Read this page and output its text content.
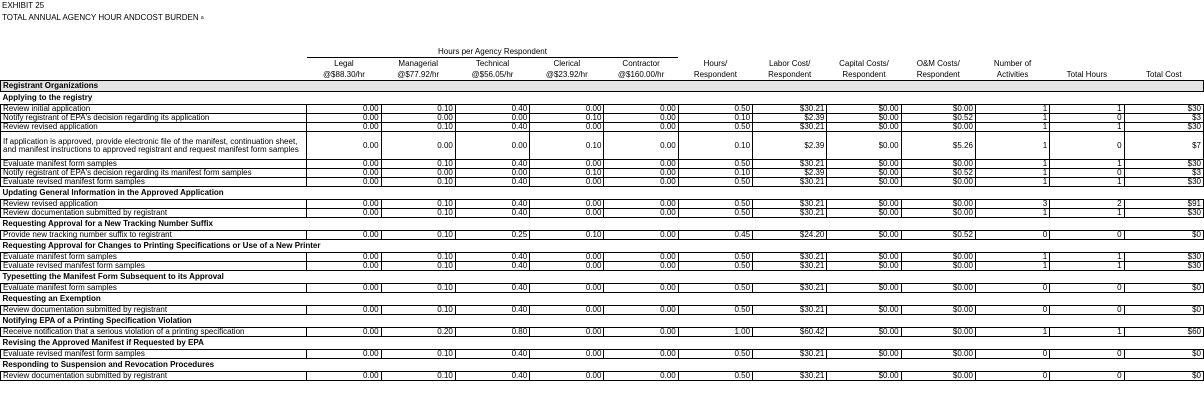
EXHIBIT 25
TOTAL ANNUAL AGENCY HOUR ANDCOST BURDEN $^a$
	Hours per Agency Respondent											
	Legal	Managerial	Technical	Clerical	Contractor	Hours/	Labor Cost/	Capital Costs/	O&M Costs/	Number of		
	@$88.30/hr	@$77.92/hr	@$56.05/hr	@$23.92/hr	@$160.00/hr	Respondent	Respondent	Respondent	Respondent	Activities	Total Hours	Total Cost
Registrant Organizations												
Applying to the registry												
Review initial application	0.00	0.10	0.40	0.00	0.00	0.50	$30.21	$0.00	$0.00	1	1	$30
Notify registrant of EPA's decision regarding its application	0.00	0.00	0.00	0.10	0.00	0.10	$2.39	$0.00	$0.52	1	0	$3
Review revised application	0.00	0.10	0.40	0.00	0.00	0.50	$30.21	$0.00	$0.00	1	1	$30
If application is approved, provide electronic file of the manifest, continuation sheet, and manifest instructions to approved registrant and request manifest form samples	0.00	0.00	0.00	0.10	0.00	0.10	$2.39	$0.00	$5.26	1	0	$7
Evaluate manifest form samples	0.00	0.10	0.40	0.00	0.00	0.50	$30.21	$0.00	$0.00	1	1	$30
Notify registrant of EPA's decision regarding its manifest form samples	0.00	0.00	0.00	0.10	0.00	0.10	$2.39	$0.00	$0.52	1	0	$3
Evaluate revised manifest form samples	0.00	0.10	0.40	0.00	0.00	0.50	$30.21	$0.00	$0.00	1	1	$30
Updating General Information in the Approved Application												
Review revised application	0.00	0.10	0.40	0.00	0.00	0.50	$30.21	$0.00	$0.00	3	2	$91
Review documentation submitted by registrant	0.00	0.10	0.40	0.00	0.00	0.50	$30.21	$0.00	$0.00	1	1	$30
Requesting Approval for a New Tracking Number Suffix												
Provide new tracking number suffix to registrant	0.00	0.10	0.25	0.10	0.00	0.45	$24.20	$0.00	$0.52	0	0	$0
Requesting Approval for Changes to Printing Specifications or Use of a New Printer												
Evaluate manifest form samples	0.00	0.10	0.40	0.00	0.00	0.50	$30.21	$0.00	$0.00	1	1	$30
Evaluate revised manifest form samples	0.00	0.10	0.40	0.00	0.00	0.50	$30.21	$0.00	$0.00	1	1	$30
Typesetting the Manifest Form Subsequent to its Approval												
Evaluate manifest form samples	0.00	0.10	0.40	0.00	0.00	0.50	$30.21	$0.00	$0.00	0	0	$0
Requesting an Exemption												
Review documentation submitted by registrant	0.00	0.10	0.40	0.00	0.00	0.50	$30.21	$0.00	$0.00	0	0	$0
Notifying EPA of a Printing Specification Violation												
Receive notification that a serious violation of a printing specification	0.00	0.20	0.80	0.00	0.00	1.00	$60.42	$0.00	$0.00	1	1	$60
Revising the Approved Manifest if Requested by EPA												
Evaluate revised manifest form samples	0.00	0.10	0.40	0.00	0.00	0.50	$30.21	$0.00	$0.00	0	0	$0
Responding to Suspension and Revocation Procedures												
Review documentation submitted by registrant	0.00	0.10	0.40	0.00	0.00	0.50	$30.21	$0.00	$0.00	0	0	$0
